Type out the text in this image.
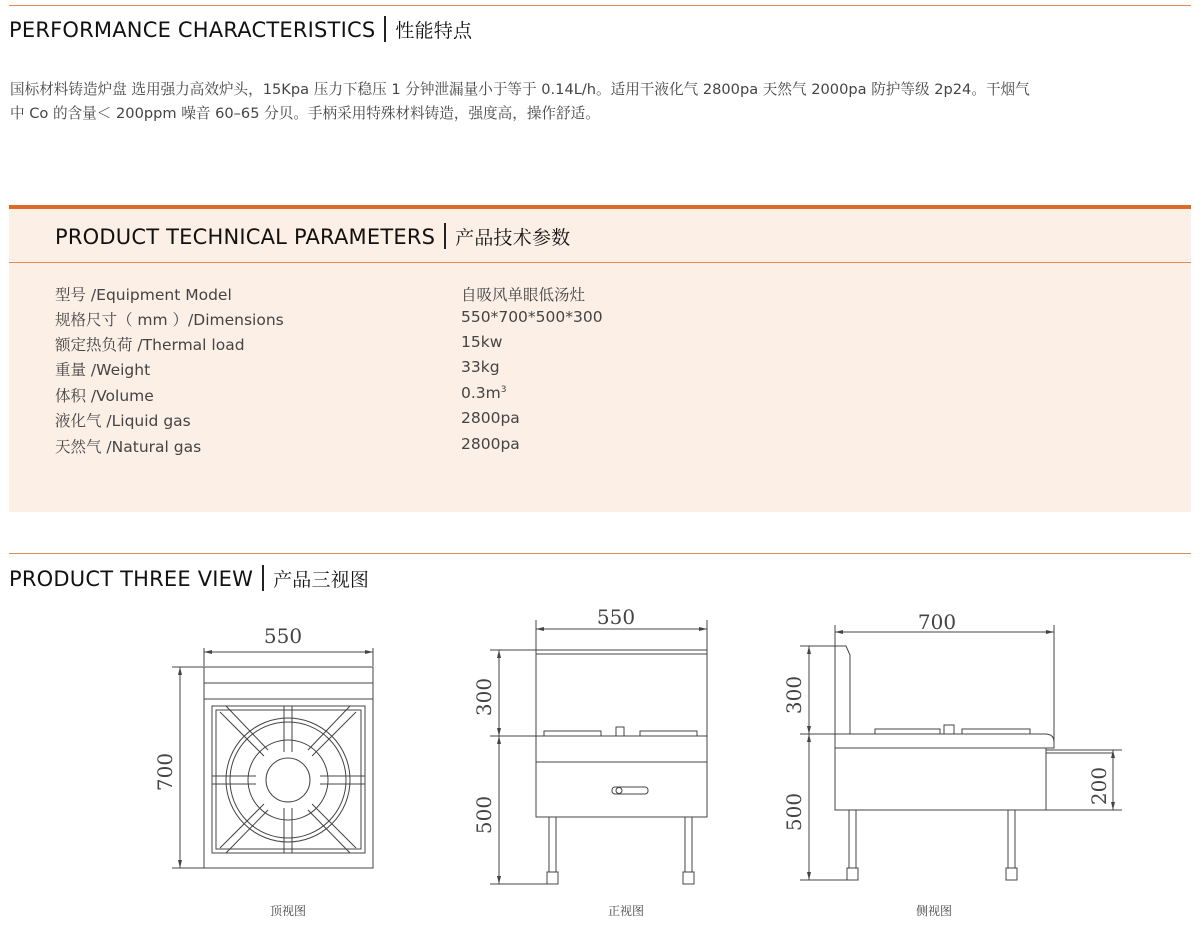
PERFORMANCE CHARACTERISTICS 性能特点
国标材料铸造炉盘 选用强力高效炉头，15Kpa 压力下稳压 1 分钟泄漏量小于等于 0.14L/h。适用干液化气 2800pa 天然气 2000pa 防护等级 2p24。干烟气
中 Co 的含量＜ 200ppm 噪音 60–65 分贝。手柄采用特殊材料铸造，强度高，操作舒适。
PRODUCT TECHNICAL PARAMETERS 产品技术参数
型号 /Equipment Model	自吸风单眼低汤灶
规格尺寸（ mm ）/Dimensions	550*700*500*300
额定热负荷 /Thermal load	15kw
重量 /Weight	33kg
体积 /Volume	$0.3m^3$
液化气 /Liquid gas	2800pa
天然气 /Natural gas	2800pa
PRODUCT THREE VIEW 产品三视图
550
700
550
300
500
700
300
500
200
顶视图	正视图	侧视图
